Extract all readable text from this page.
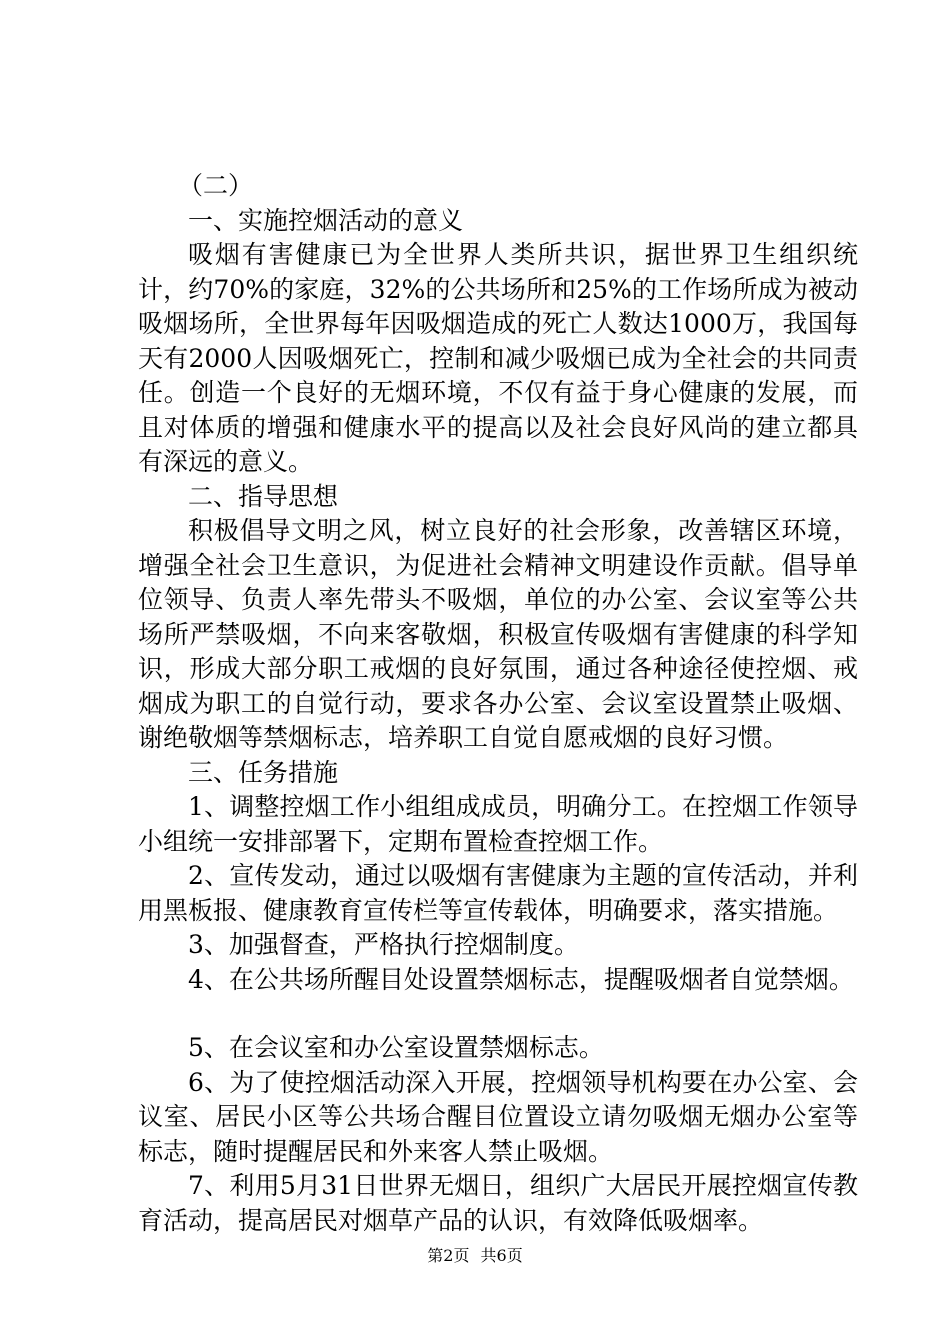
（二）

一、实施控烟活动的意义

吸烟有害健康已为全世界人类所共识，据世界卫生组织统计，约70%的家庭，32%的公共场所和25%的工作场所成为被动吸烟场所，全世界每年因吸烟造成的死亡人数达1000万，我国每天有2000人因吸烟死亡，控制和减少吸烟已成为全社会的共同责任。创造一个良好的无烟环境，不仅有益于身心健康的发展，而且对体质的增强和健康水平的提高以及社会良好风尚的建立都具有深远的意义。

二、指导思想

积极倡导文明之风，树立良好的社会形象，改善辖区环境，增强全社会卫生意识，为促进社会精神文明建设作贡献。倡导单位领导、负责人率先带头不吸烟，单位的办公室、会议室等公共场所严禁吸烟，不向来客敬烟，积极宣传吸烟有害健康的科学知识，形成大部分职工戒烟的良好氛围，通过各种途径使控烟、戒烟成为职工的自觉行动，要求各办公室、会议室设置禁止吸烟、谢绝敬烟等禁烟标志，培养职工自觉自愿戒烟的良好习惯。

三、任务措施

1、调整控烟工作小组组成成员，明确分工。在控烟工作领导小组统一安排部署下，定期布置检查控烟工作。

2、宣传发动，通过以吸烟有害健康为主题的宣传活动，并利用黑板报、健康教育宣传栏等宣传载体，明确要求，落实措施。

3、加强督查，严格执行控烟制度。

4、在公共场所醒目处设置禁烟标志，提醒吸烟者自觉禁烟。

5、在会议室和办公室设置禁烟标志。

6、为了使控烟活动深入开展，控烟领导机构要在办公室、会议室、居民小区等公共场合醒目位置设立请勿吸烟无烟办公室等标志，随时提醒居民和外来客人禁止吸烟。

7、利用5月31日世界无烟日，组织广大居民开展控烟宣传教育活动，提高居民对烟草产品的认识，有效降低吸烟率。

第2页 共6页
